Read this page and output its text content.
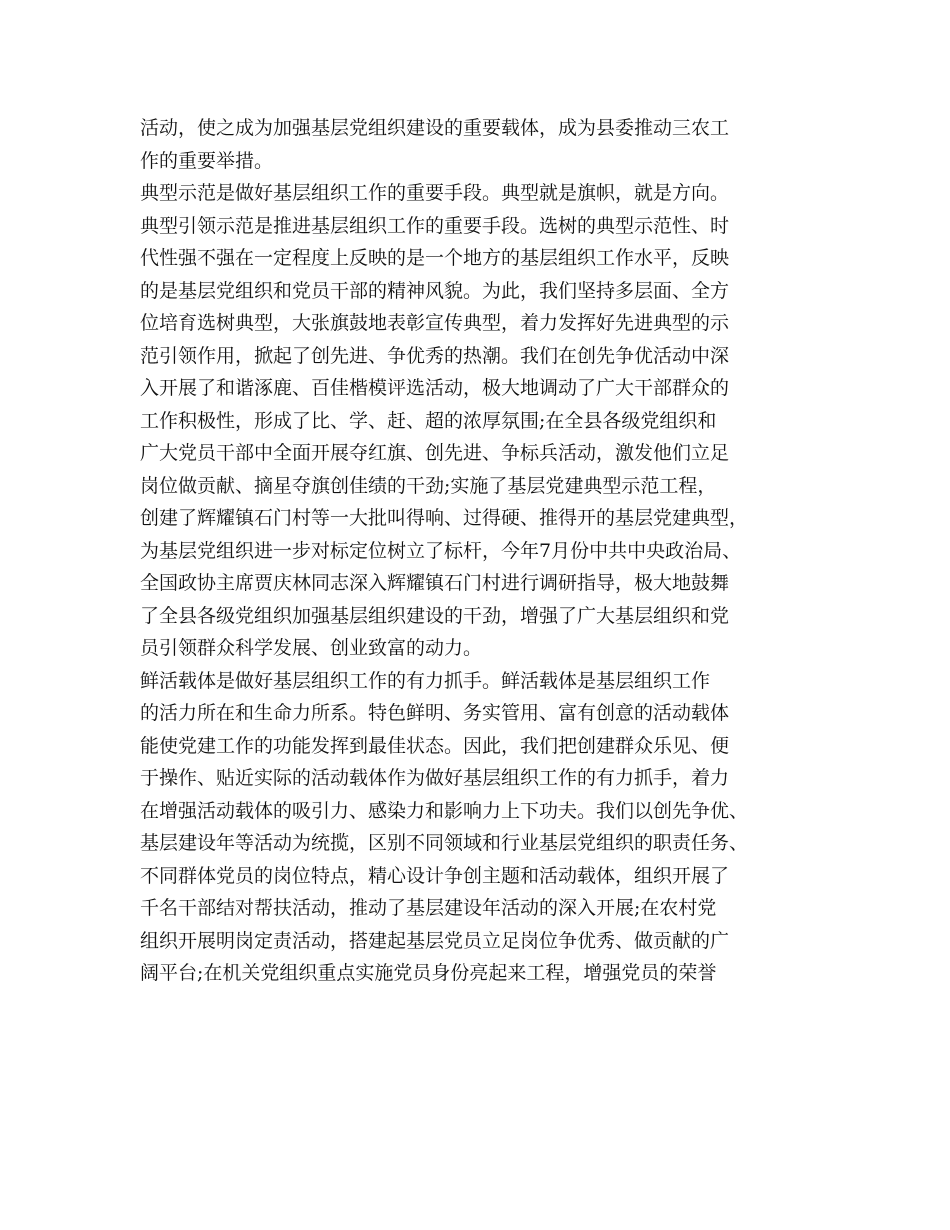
活动，使之成为加强基层党组织建设的重要载体，成为县委推动三农工
作的重要举措。
典型示范是做好基层组织工作的重要手段。典型就是旗帜，就是方向。
典型引领示范是推进基层组织工作的重要手段。选树的典型示范性、时
代性强不强在一定程度上反映的是一个地方的基层组织工作水平，反映
的是基层党组织和党员干部的精神风貌。为此，我们坚持多层面、全方
位培育选树典型，大张旗鼓地表彰宣传典型，着力发挥好先进典型的示
范引领作用，掀起了创先进、争优秀的热潮。我们在创先争优活动中深
入开展了和谐涿鹿、百佳楷模评选活动，极大地调动了广大干部群众的
工作积极性，形成了比、学、赶、超的浓厚氛围;在全县各级党组织和
广大党员干部中全面开展夺红旗、创先进、争标兵活动，激发他们立足
岗位做贡献、摘星夺旗创佳绩的干劲;实施了基层党建典型示范工程，
创建了辉耀镇石门村等一大批叫得响、过得硬、推得开的基层党建典型，
为基层党组织进一步对标定位树立了标杆，今年7月份中共中央政治局、
全国政协主席贾庆林同志深入辉耀镇石门村进行调研指导，极大地鼓舞
了全县各级党组织加强基层组织建设的干劲，增强了广大基层组织和党
员引领群众科学发展、创业致富的动力。
鲜活载体是做好基层组织工作的有力抓手。鲜活载体是基层组织工作
的活力所在和生命力所系。特色鲜明、务实管用、富有创意的活动载体
能使党建工作的功能发挥到最佳状态。因此，我们把创建群众乐见、便
于操作、贴近实际的活动载体作为做好基层组织工作的有力抓手，着力
在增强活动载体的吸引力、感染力和影响力上下功夫。我们以创先争优、
基层建设年等活动为统揽，区别不同领域和行业基层党组织的职责任务、
不同群体党员的岗位特点，精心设计争创主题和活动载体，组织开展了
千名干部结对帮扶活动，推动了基层建设年活动的深入开展;在农村党
组织开展明岗定责活动，搭建起基层党员立足岗位争优秀、做贡献的广
阔平台;在机关党组织重点实施党员身份亮起来工程，增强党员的荣誉
